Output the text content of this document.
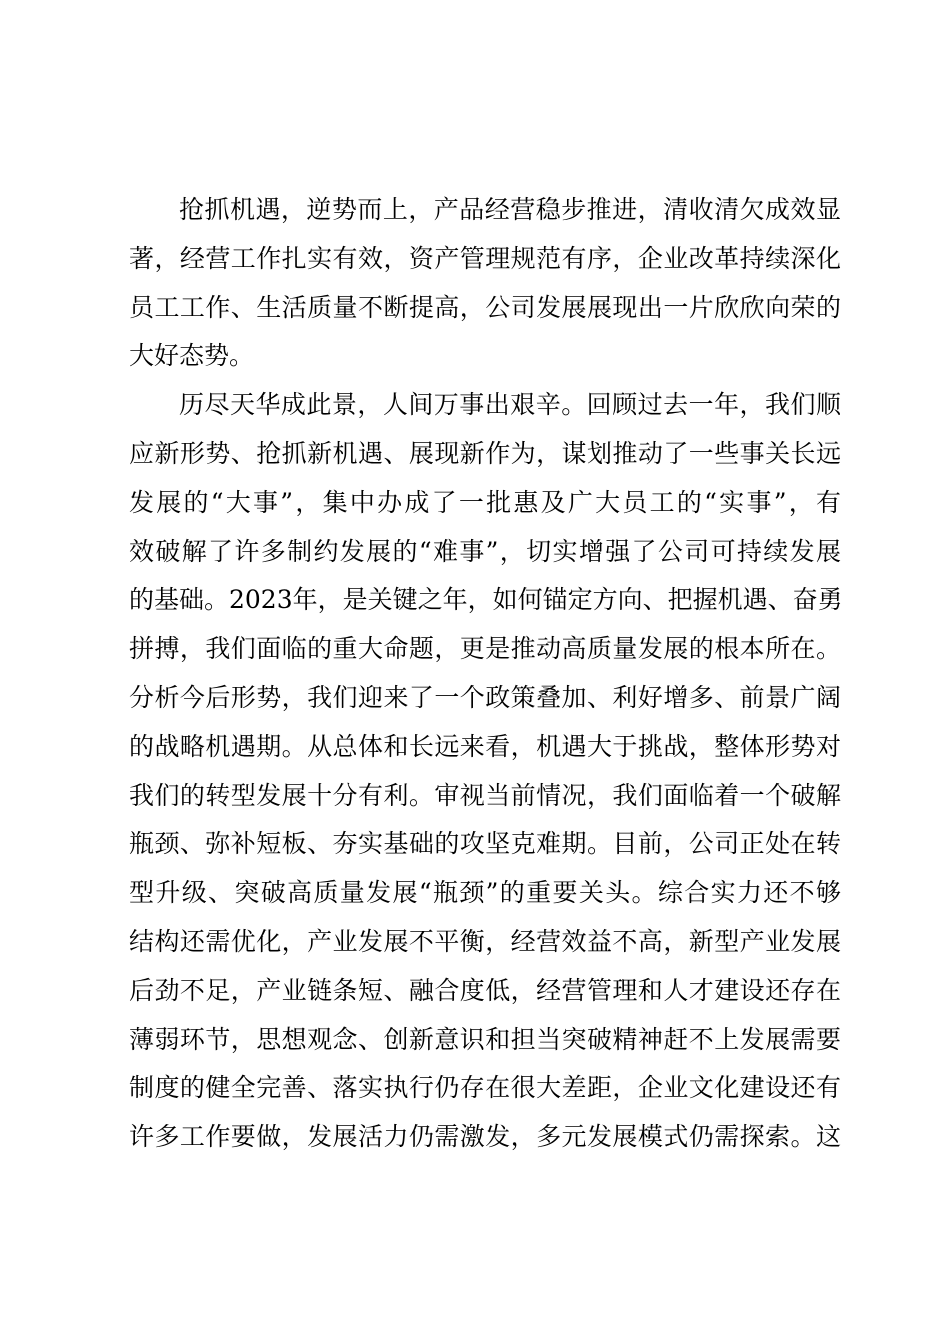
抢抓机遇，逆势而上，产品经营稳步推进，清收清欠成效显
著，经营工作扎实有效，资产管理规范有序，企业改革持续深化
员工工作、生活质量不断提高，公司发展展现出一片欣欣向荣的
大好态势。
历尽天华成此景，人间万事出艰辛。回顾过去一年，我们顺
应新形势、抢抓新机遇、展现新作为，谋划推动了一些事关长远
发展的“大事”，集中办成了一批惠及广大员工的“实事”，有
效破解了许多制约发展的“难事”，切实增强了公司可持续发展
的基础。2023年，是关键之年，如何锚定方向、把握机遇、奋勇
拼搏，我们面临的重大命题，更是推动高质量发展的根本所在。
分析今后形势，我们迎来了一个政策叠加、利好增多、前景广阔
的战略机遇期。从总体和长远来看，机遇大于挑战，整体形势对
我们的转型发展十分有利。审视当前情况，我们面临着一个破解
瓶颈、弥补短板、夯实基础的攻坚克难期。目前，公司正处在转
型升级、突破高质量发展“瓶颈”的重要关头。综合实力还不够
结构还需优化，产业发展不平衡，经营效益不高，新型产业发展
后劲不足，产业链条短、融合度低，经营管理和人才建设还存在
薄弱环节，思想观念、创新意识和担当突破精神赶不上发展需要
制度的健全完善、落实执行仍存在很大差距，企业文化建设还有
许多工作要做，发展活力仍需激发，多元发展模式仍需探索。这
